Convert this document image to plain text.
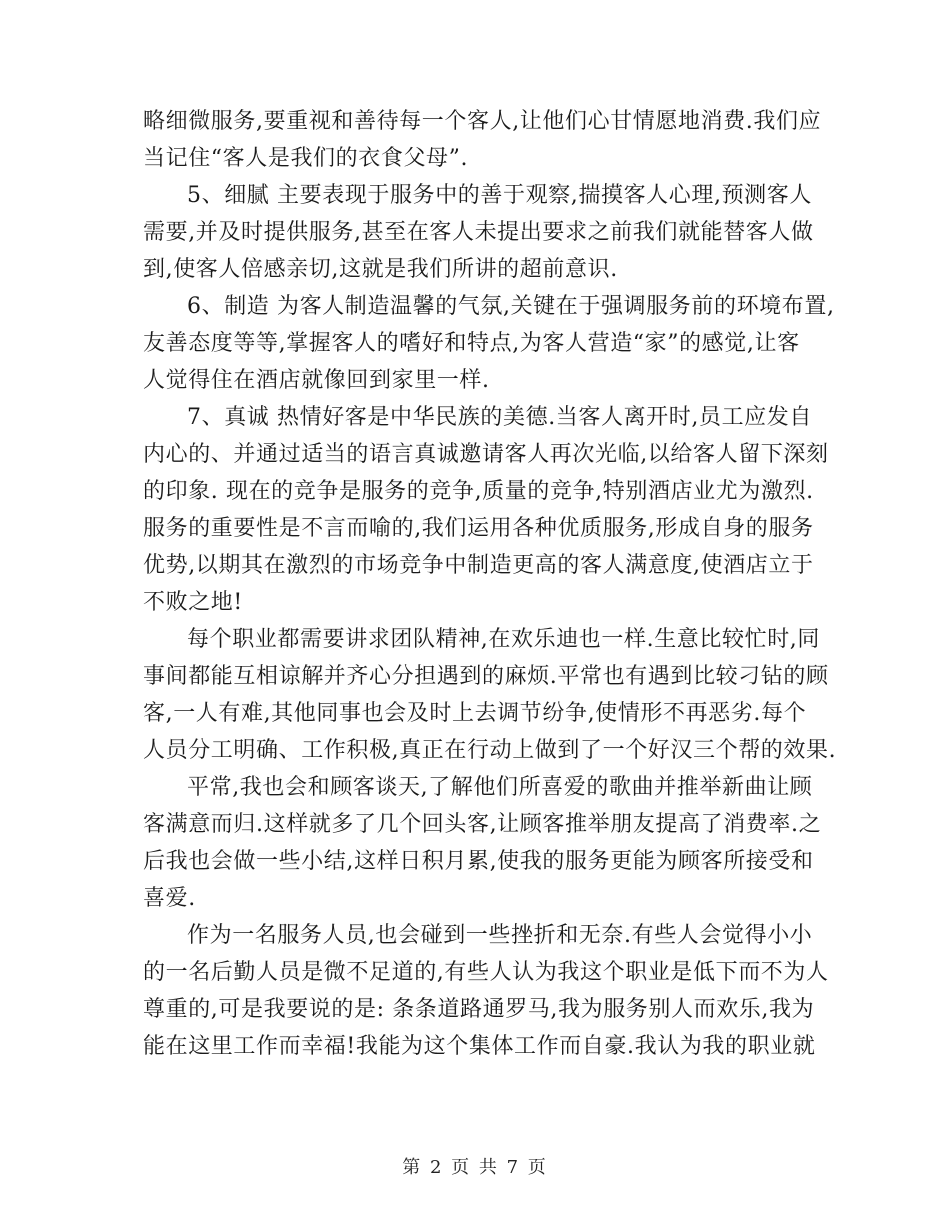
略细微服务,要重视和善待每一个客人,让他们心甘情愿地消费.我们应
当记住“客人是我们的衣食父母”.
5、细腻 主要表现于服务中的善于观察,揣摸客人心理,预测客人
需要,并及时提供服务,甚至在客人未提出要求之前我们就能替客人做
到,使客人倍感亲切,这就是我们所讲的超前意识.
6、制造 为客人制造温馨的气氛,关键在于强调服务前的环境布置,
友善态度等等,掌握客人的嗜好和特点,为客人营造“家”的感觉,让客
人觉得住在酒店就像回到家里一样.
7、真诚 热情好客是中华民族的美德.当客人离开时,员工应发自
内心的、并通过适当的语言真诚邀请客人再次光临,以给客人留下深刻
的印象. 现在的竞争是服务的竞争,质量的竞争,特别酒店业尤为激烈.
服务的重要性是不言而喻的,我们运用各种优质服务,形成自身的服务
优势,以期其在激烈的市场竞争中制造更高的客人满意度,使酒店立于
不败之地!
每个职业都需要讲求团队精神,在欢乐迪也一样.生意比较忙时,同
事间都能互相谅解并齐心分担遇到的麻烦.平常也有遇到比较刁钻的顾
客,一人有难,其他同事也会及时上去调节纷争,使情形不再恶劣.每个
人员分工明确、工作积极,真正在行动上做到了一个好汉三个帮的效果.
平常,我也会和顾客谈天,了解他们所喜爱的歌曲并推举新曲让顾
客满意而归.这样就多了几个回头客,让顾客推举朋友提高了消费率.之
后我也会做一些小结,这样日积月累,使我的服务更能为顾客所接受和
喜爱.
作为一名服务人员,也会碰到一些挫折和无奈.有些人会觉得小小
的一名后勤人员是微不足道的,有些人认为我这个职业是低下而不为人
尊重的,可是我要说的是: 条条道路通罗马,我为服务别人而欢乐,我为
能在这里工作而幸福!我能为这个集体工作而自豪.我认为我的职业就
第 2 页 共 7 页
